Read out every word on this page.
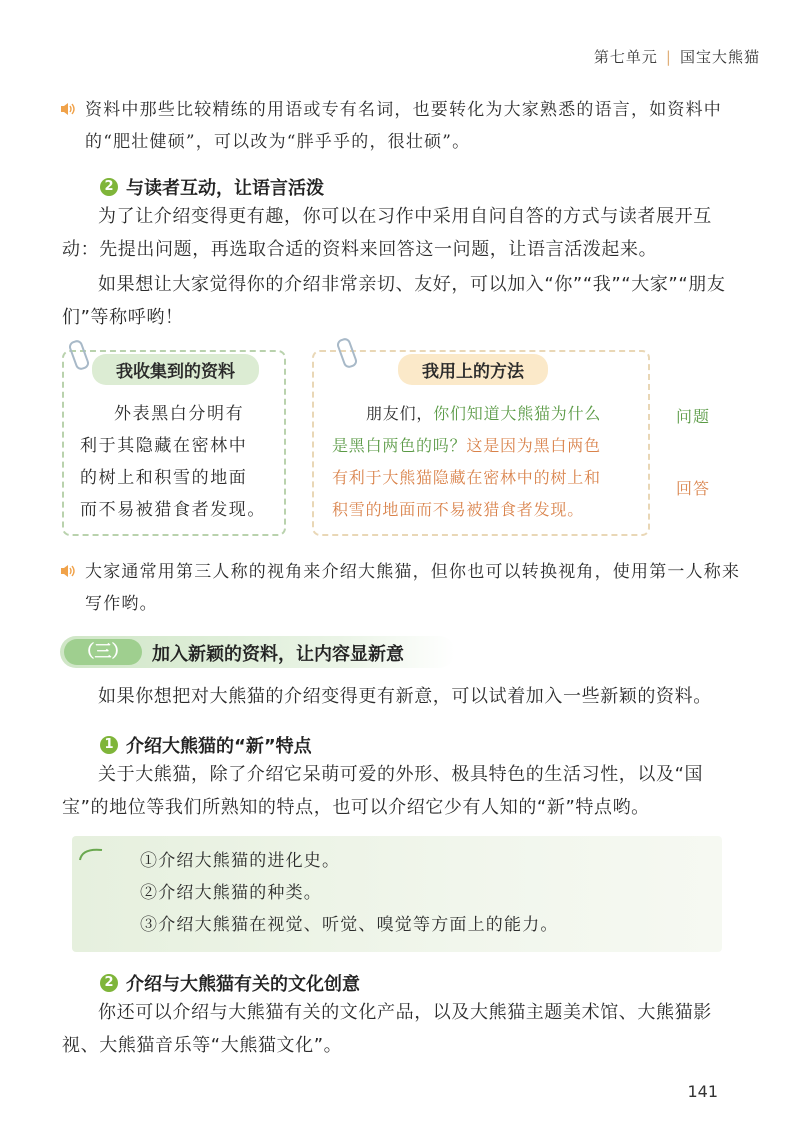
第七单元 | 国宝大熊猫
资料中那些比较精练的用语或专有名词，也要转化为大家熟悉的语言，如资料中的“肥壮健硕”，可以改为“胖乎乎的，很壮硕”。
2 与读者互动，让语言活泼
为了让介绍变得更有趣，你可以在习作中采用自问自答的方式与读者展开互动：先提出问题，再选取合适的资料来回答这一问题，让语言活泼起来。
如果想让大家觉得你的介绍非常亲切、友好，可以加入“你”“我”“大家”“朋友们”等称呼哟！
我收集到的资料
外表黑白分明有
利于其隐藏在密林中
的树上和积雪的地面
而不易被猎食者发现。
我用上的方法
朋友们，你们知道大熊猫为什么
是黑白两色的吗？这是因为黑白两色
有利于大熊猫隐藏在密林中的树上和
积雪的地面而不易被猎食者发现。
问题
回答
大家通常用第三人称的视角来介绍大熊猫，但你也可以转换视角，使用第一人称来写作哟。
（三）	加入新颖的资料，让内容显新意
如果你想把对大熊猫的介绍变得更有新意，可以试着加入一些新颖的资料。
1 介绍大熊猫的“新”特点
关于大熊猫，除了介绍它呆萌可爱的外形、极具特色的生活习性，以及“国宝”的地位等我们所熟知的特点，也可以介绍它少有人知的“新”特点哟。
①介绍大熊猫的进化史。
②介绍大熊猫的种类。
③介绍大熊猫在视觉、听觉、嗅觉等方面上的能力。
2 介绍与大熊猫有关的文化创意
你还可以介绍与大熊猫有关的文化产品，以及大熊猫主题美术馆、大熊猫影视、大熊猫音乐等“大熊猫文化”。
141
